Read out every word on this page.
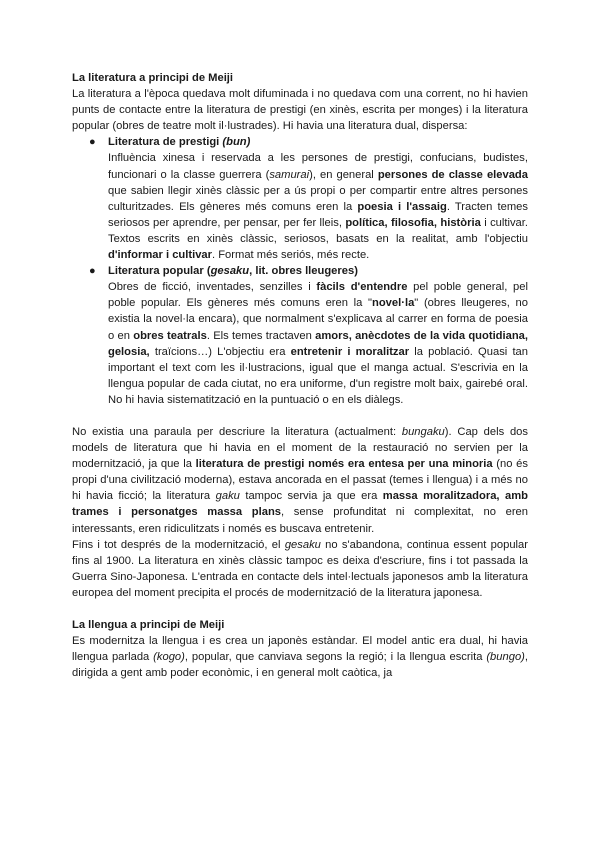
La literatura a principi de Meiji

La literatura a l'època quedava molt difuminada i no quedava com una corrent, no hi havien punts de contacte entre la literatura de prestigi (en xinès, escrita per monges) i la literatura popular (obres de teatre molt il·lustrades). Hi havia una literatura dual, dispersa:

● Literatura de prestigi (bun)
Influència xinesa i reservada a les persones de prestigi, confucians, budistes, funcionari o la classe guerrera (samurai), en general persones de classe elevada que sabien llegir xinès clàssic per a ús propi o per compartir entre altres persones culturitzades. Els gèneres més comuns eren la poesia i l'assaig. Tracten temes seriosos per aprendre, per pensar, per fer lleis, política, filosofia, història i cultivar. Textos escrits en xinès clàssic, seriosos, basats en la realitat, amb l'objectiu d'informar i cultivar. Format més seriós, més recte.
● Literatura popular (gesaku, lit. obres lleugeres)
Obres de ficció, inventades, senzilles i fàcils d'entendre pel poble general, pel poble popular. Els gèneres més comuns eren la "novel·la" (obres lleugeres, no existia la novel·la encara), que normalment s'explicava al carrer en forma de poesia o en obres teatrals. Els temes tractaven amors, anècdotes de la vida quotidiana, gelosia, traïcions…) L'objectiu era entretenir i moralitzar la població. Quasi tan important el text com les il·lustracions, igual que el manga actual. S'escrivia en la llengua popular de cada ciutat, no era uniforme, d'un registre molt baix, gairebé oral. No hi havia sistematització en la puntuació o en els diàlegs.

No existia una paraula per descriure la literatura (actualment: bungaku). Cap dels dos models de literatura que hi havia en el moment de la restauració no servien per la modernització, ja que la literatura de prestigi només era entesa per una minoria (no és propi d'una civilització moderna), estava ancorada en el passat (temes i llengua) i a més no hi havia ficció; la literatura gaku tampoc servia ja que era massa moralitzadora, amb trames i personatges massa plans, sense profunditat ni complexitat, no eren interessants, eren ridiculitzats i només es buscava entretenir.

Fins i tot després de la modernització, el gesaku no s'abandona, continua essent popular fins al 1900. La literatura en xinès clàssic tampoc es deixa d'escriure, fins i tot passada la Guerra Sino-Japonesa. L'entrada en contacte dels intel·lectuals japonesos amb la literatura europea del moment precipita el procés de modernització de la literatura japonesa.

La llengua a principi de Meiji

Es modernitza la llengua i es crea un japonès estàndar. El model antic era dual, hi havia llengua parlada (kogo), popular, que canviava segons la regió; i la llengua escrita (bungo), dirigida a gent amb poder econòmic, i en general molt caòtica, ja
